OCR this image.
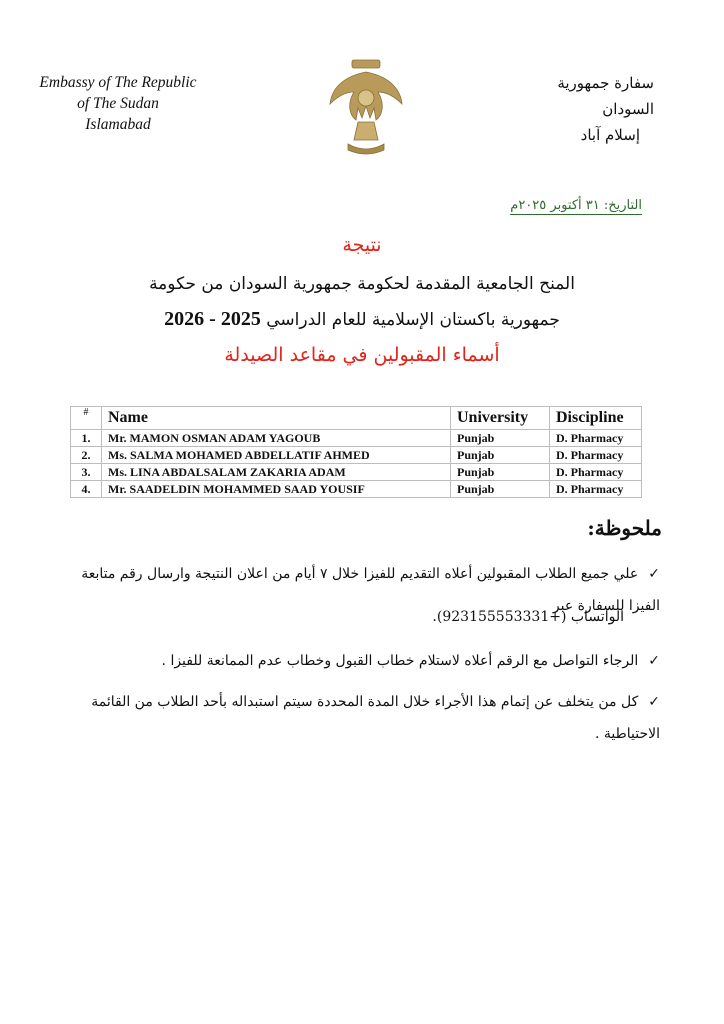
Embassy of The Republic
of The Sudan
Islamabad
سفارة جمهورية السودان
إسلام آباد
التاريخ: ٣١ أكتوبر ٢٠٢٥م
نتيجة
المنح الجامعية المقدمة لحكومة جمهورية السودان من حكومة
جمهورية باكستان الإسلامية للعام الدراسي 2025 - 2026
أسماء المقبولين في مقاعد الصيدلة
#	Name	University	Discipline
1.	Mr. MAMON OSMAN ADAM YAGOUB	Punjab	D. Pharmacy
2.	Ms. SALMA MOHAMED ABDELLATIF AHMED	Punjab	D. Pharmacy
3.	Ms. LINA ABDALSALAM ZAKARIA ADAM	Punjab	D. Pharmacy
4.	Mr. SAADELDIN MOHAMMED SAAD YOUSIF	Punjab	D. Pharmacy
ملحوظة:
✓علي جميع الطلاب المقبولين أعلاه التقديم للفيزا خلال ٧ أيام من اعلان النتيجة وارسال رقم متابعة الفيزا للسفارة عبر
الواتساب (+923155553331).
✓الرجاء التواصل مع الرقم أعلاه لاستلام خطاب القبول وخطاب عدم الممانعة للفيزا .
✓كل من يتخلف عن إتمام هذا الأجراء خلال المدة المحددة سيتم استبداله بأحد الطلاب من القائمة الاحتياطية .
